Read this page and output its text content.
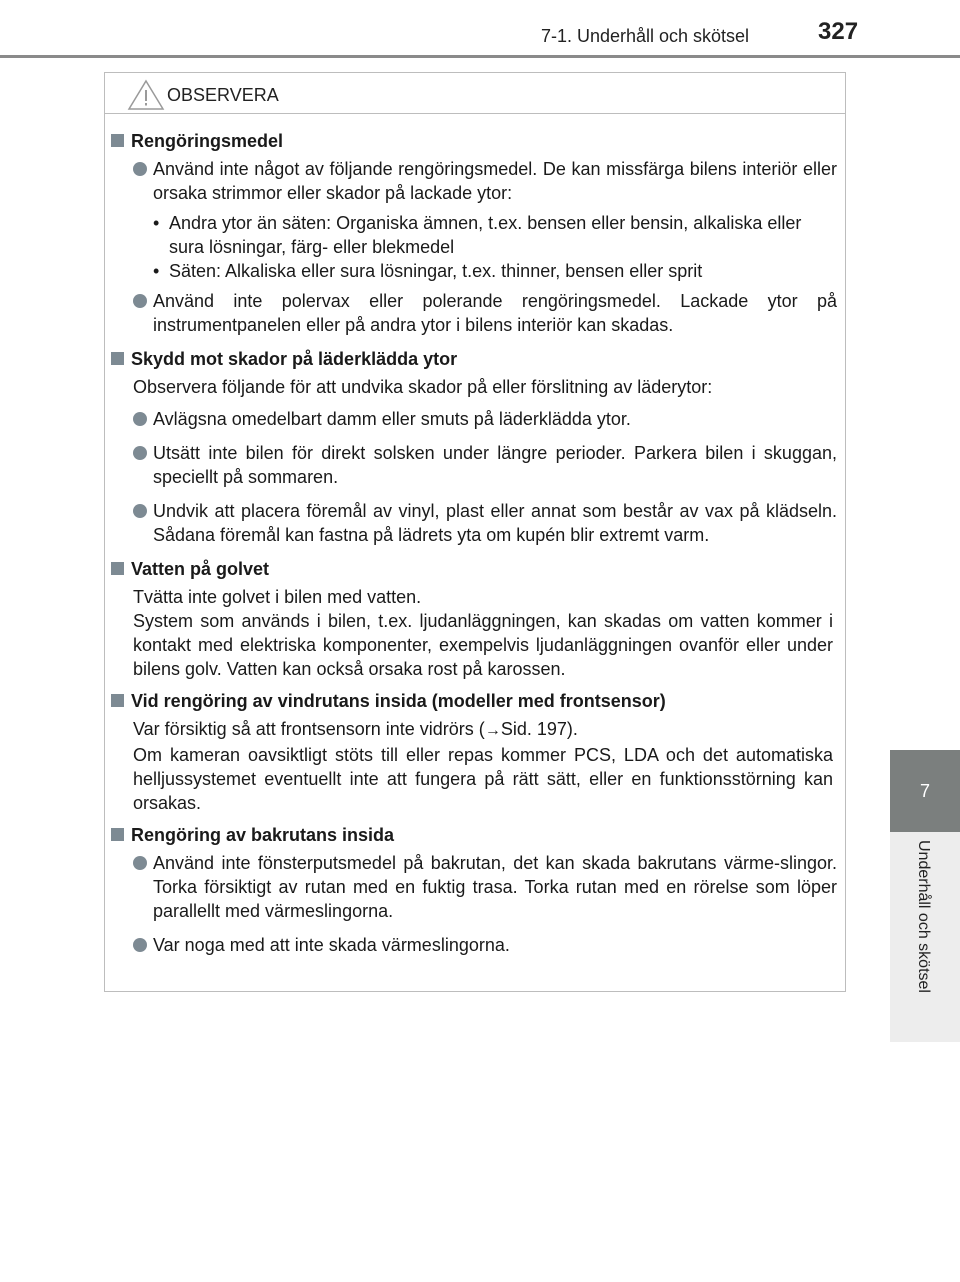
7-1. Underhåll och skötsel	327
7
Underhåll och skötsel
OBSERVERA
Rengöringsmedel
Använd inte något av följande rengöringsmedel. De kan missfärga bilens interiör eller orsaka strimmor eller skador på lackade ytor:
• Andra ytor än säten: Organiska ämnen, t.ex. bensen eller bensin, alkaliska eller sura lösningar, färg- eller blekmedel
• Säten: Alkaliska eller sura lösningar, t.ex. thinner, bensen eller sprit
Använd inte polervax eller polerande rengöringsmedel. Lackade ytor på instrumentpanelen eller på andra ytor i bilens interiör kan skadas.
Skydd mot skador på läderklädda ytor
Observera följande för att undvika skador på eller förslitning av läderytor:
Avlägsna omedelbart damm eller smuts på läderklädda ytor.
Utsätt inte bilen för direkt solsken under längre perioder. Parkera bilen i skuggan, speciellt på sommaren.
Undvik att placera föremål av vinyl, plast eller annat som består av vax på klädseln. Sådana föremål kan fastna på lädrets yta om kupén blir extremt varm.
Vatten på golvet
Tvätta inte golvet i bilen med vatten.
System som används i bilen, t.ex. ljudanläggningen, kan skadas om vatten kommer i kontakt med elektriska komponenter, exempelvis ljudanläggningen ovanför eller under bilens golv. Vatten kan också orsaka rost på karossen.
Vid rengöring av vindrutans insida (modeller med frontsensor)
Var försiktig så att frontsensorn inte vidrörs (→Sid. 197).
Om kameran oavsiktligt stöts till eller repas kommer PCS, LDA och det automatiska helljussystemet eventuellt inte att fungera på rätt sätt, eller en funktionsstörning kan orsakas.
Rengöring av bakrutans insida
Använd inte fönsterputsmedel på bakrutan, det kan skada bakrutans värme-slingor. Torka försiktigt av rutan med en fuktig trasa. Torka rutan med en rörelse som löper parallellt med värmeslingorna.
Var noga med att inte skada värmeslingorna.
